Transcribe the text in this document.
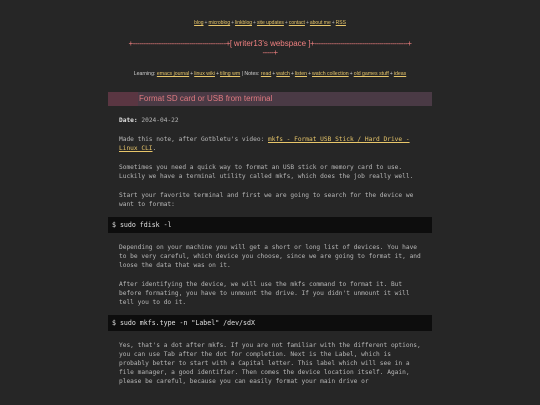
blog+microblog+linkblog+site updates+contact+about me+RSS
+-------------------------------------------+[ writer13's webspace ]+-------------------------------------------+
-----+
Learning: emacs journal+linux wiki+tiling wm | Notes: read+watch+listen+watch collection+old games stuff+ideas
Format SD card or USB from terminal
Date: 2024-04-22
Made this note, after Gotbletu's video: mkfs - Format USB Stick / Hard Drive - Linux CLI.
Sometimes you need a quick way to format an USB stick or memory card to use. Luckily we have a terminal utility called mkfs, which does the job really well.
Start your favorite terminal and first we are going to search for the device we want to format:
$ sudo fdisk -l
Depending on your machine you will get a short or long list of devices. You have to be very careful, which device you choose, since we are going to format it, and loose the data that was on it.
After identifying the device, we will use the mkfs command to format it. But before formating, you have to unmount the drive. If you didn't unmount it will tell you to do it.
$ sudo mkfs.type -n "Label" /dev/sdX
Yes, that's a dot after mkfs. If you are not familiar with the different options, you can use Tab after the dot for completion. Next is the Label, which is probably better to start with a Capital letter. This label which will see in a file manager, a good identifier. Then comes the device location itself. Again, please be careful, because you can easily format your main drive or
